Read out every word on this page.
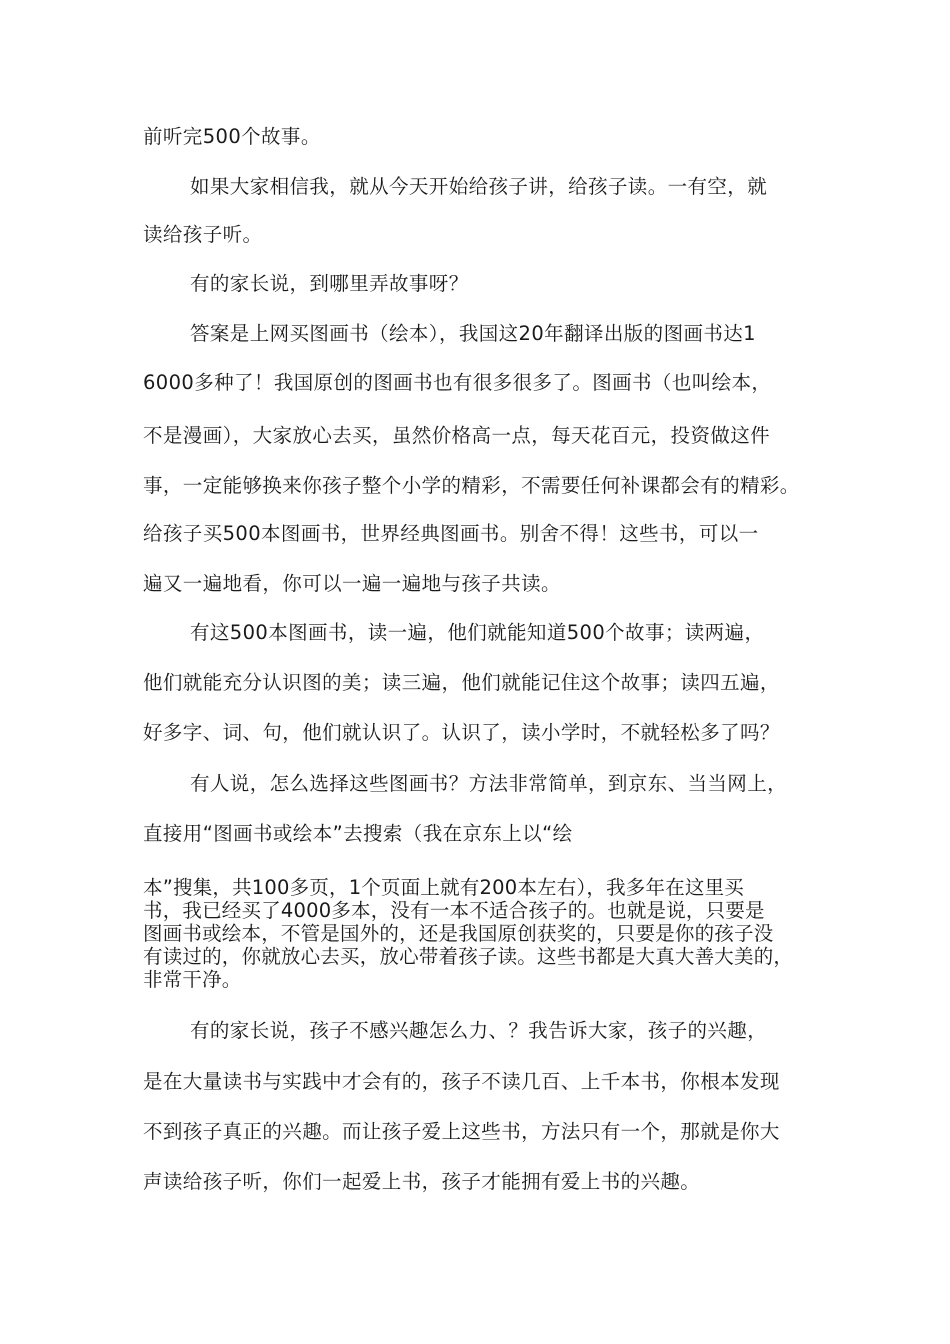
前听完500个故事。
如果大家相信我，就从今天开始给孩子讲，给孩子读。一有空，就
读给孩子听。
有的家长说，到哪里弄故事呀？
答案是上网买图画书（绘本），我国这20年翻译出版的图画书达1
6000多种了！我国原创的图画书也有很多很多了。图画书（也叫绘本，
不是漫画），大家放心去买，虽然价格高一点，每天花百元，投资做这件
事，一定能够换来你孩子整个小学的精彩，不需要任何补课都会有的精彩。
给孩子买500本图画书，世界经典图画书。别舍不得！这些书，可以一
遍又一遍地看，你可以一遍一遍地与孩子共读。
有这500本图画书，读一遍，他们就能知道500个故事；读两遍，
他们就能充分认识图的美；读三遍，他们就能记住这个故事；读四五遍，
好多字、词、句，他们就认识了。认识了，读小学时，不就轻松多了吗？
有人说，怎么选择这些图画书？方法非常简单，到京东、当当网上，
直接用“图画书或绘本”去搜索（我在京东上以“绘
本”搜集，共100多页，1个页面上就有200本左右），我多年在这里买
书，我已经买了4000多本，没有一本不适合孩子的。也就是说，只要是
图画书或绘本，不管是国外的，还是我国原创获奖的，只要是你的孩子没
有读过的，你就放心去买，放心带着孩子读。这些书都是大真大善大美的，
非常干净。
有的家长说，孩子不感兴趣怎么力、？我告诉大家，孩子的兴趣，
是在大量读书与实践中才会有的，孩子不读几百、上千本书，你根本发现
不到孩子真正的兴趣。而让孩子爱上这些书，方法只有一个，那就是你大
声读给孩子听，你们一起爱上书，孩子才能拥有爱上书的兴趣。
